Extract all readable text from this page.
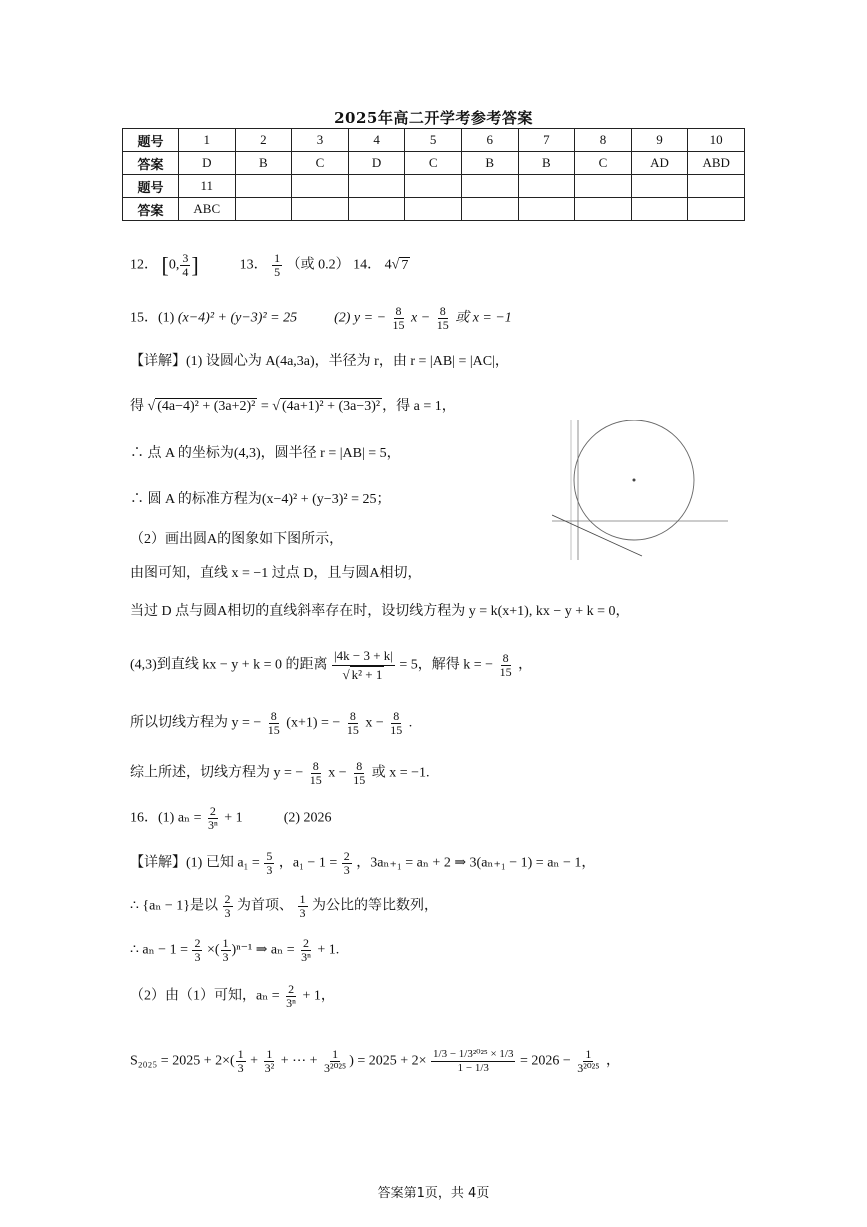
2025年高二开学考参考答案
题号	1	2	3	4	5	6	7	8	9	10
答案	D	B	C	D	C	B	B	C	AD	ABD
题号	11									
答案	ABC									
12． [0, $\frac{3}{4}$ ]	13． $\frac{1}{5}$ （或 0.2） 14． 4√ 7
15．(1) (x−4)² + (y−3)² = 25	(2) y = − $\frac{8}{15}$ $x - \frac{8}{15}$ 或 x = −1
【详解】(1) 设圆心为 A(4a,3a)，半径为 r，由 r = |AB| = |AC|，
得 √ (4a−4)² + (3a+2)² = √ (4a+1)² + (3a−3)² ，得 a = 1，
∴ 点 A 的坐标为(4,3)，圆半径 r = |AB| = 5，
∴ 圆 A 的标准方程为(x−4)² + (y−3)² = 25；
（2）画出圆A的图象如下图所示，
由图可知，直线 x = −1 过点 D，且与圆A相切，
当过 D 点与圆A相切的直线斜率存在时，设切线方程为 y = k(x+1), kx − y + k = 0，
(4,3)到直线 kx − y + k = 0 的距离 $\frac{|4k - 3 + k|}{\text{√ k² + 1}} = 5$，解得 k = − $\frac{8}{15}$ ，
所以切线方程为 y = − $\frac{8}{15} (x+1)$ = − $\frac{8}{15}$ $x - \frac{8}{15}$ .
综上所述，切线方程为 y = − $\frac{8}{15}$ $x - \frac{8}{15}$ 或 x = −1.
16．(1) $a_n = \frac{2}{\text{3ⁿ}} + 1$	(2) 2026
【详解】(1) 已知 $a_1 = \frac{5}{3}$ ，$a_1 - 1 = \frac{2}{3}$ ，3aₙ₊₁ = aₙ + 2 ⇒ 3(aₙ₊₁ − 1) = aₙ − 1，
∴ {aₙ − 1}是以 $\frac{2}{3}$ 为首项、 $\frac{1}{3}$ 为公比的等比数列，
∴ $a_n - 1 = \frac{2}{3}$ ×( $\frac{1}{3} )^{n-1}$ ⇒ $a_n = \frac{2}{\text{3ⁿ}} + 1$.
（2）由（1）可知，$a_n = \frac{2}{\text{3ⁿ}} + 1$，
$S_{2025} = 2025 + 2\times( \frac{1}{3} + \frac{1}{\text{3²}}$ + ⋯ + $\frac{1}{\text{3²⁰²⁵}}$ ) = $2025 + 2\times \frac{\text{1/3 − 1/3²⁰²⁵ × 1/3}}{1 - 1/3} = 2026 - \frac{1}{\text{3²⁰²⁵}}$ ，
答案第1页，共 4页
